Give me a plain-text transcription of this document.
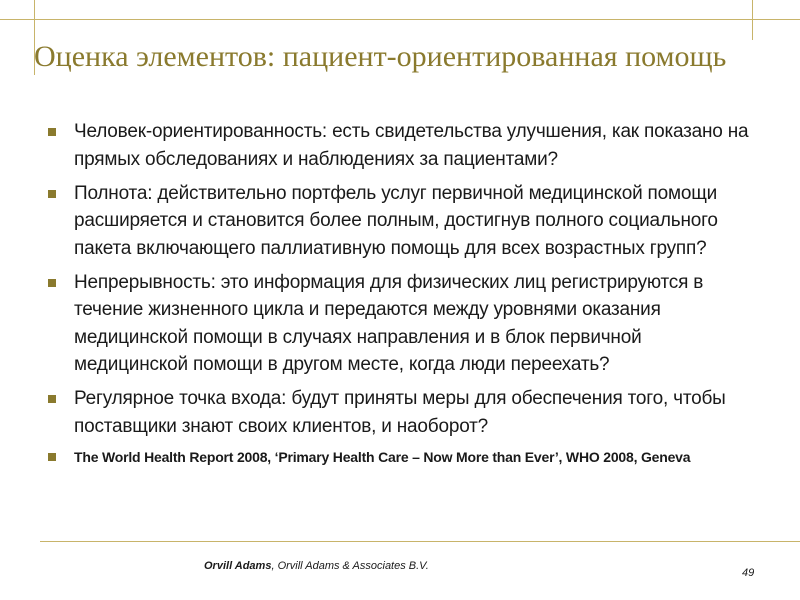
Оценка элементов: пациент-ориентированная помощь
Человек-ориентированность: есть свидетельства улучшения, как показано на прямых обследованиях и наблюдениях за пациентами?
Полнота: действительно портфель услуг первичной медицинской помощи расширяется и становится более полным, достигнув полного социального пакета включающего паллиативную помощь для всех возрастных групп?
Непрерывность: это информация для физических лиц регистрируются в течение жизненного цикла и передаются между уровнями оказания медицинской помощи в случаях направления и в блок первичной медицинской помощи в другом месте, когда люди переехать?
Регулярное точка входа: будут приняты меры для обеспечения того, чтобы поставщики знают своих клиентов, и наоборот?
The World Health Report 2008, ‘Primary Health Care – Now More than Ever’, WHO 2008, Geneva
Orvill Adams, Orvill Adams & Associates B.V.
49
